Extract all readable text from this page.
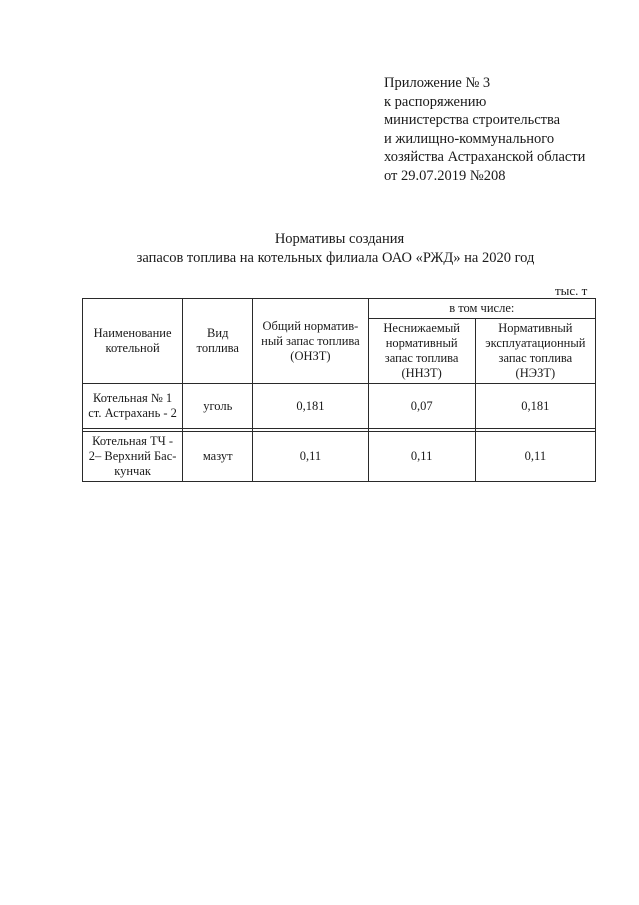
Приложение № 3
к распоряжению
министерства строительства
и жилищно-коммунального
хозяйства Астраханской области
от 29.07.2019 №208
Нормативы создания
запасов топлива на котельных филиала ОАО «РЖД» на 2020 год
тыс. т
Наименование котельной	Вид топлива	Общий норматив-ный запас топлива (ОНЗТ)	в том числе:	
			Неснижаемый нормативный запас топлива (ННЗТ)	Нормативный эксплуатационный запас топлива (НЭЗТ)
Котельная № 1 ст. Астрахань - 2	уголь	0,181	0,07	0,181

Котельная ТЧ - 2– Верхний Бас-кунчак	мазут	0,11	0,11	0,11
